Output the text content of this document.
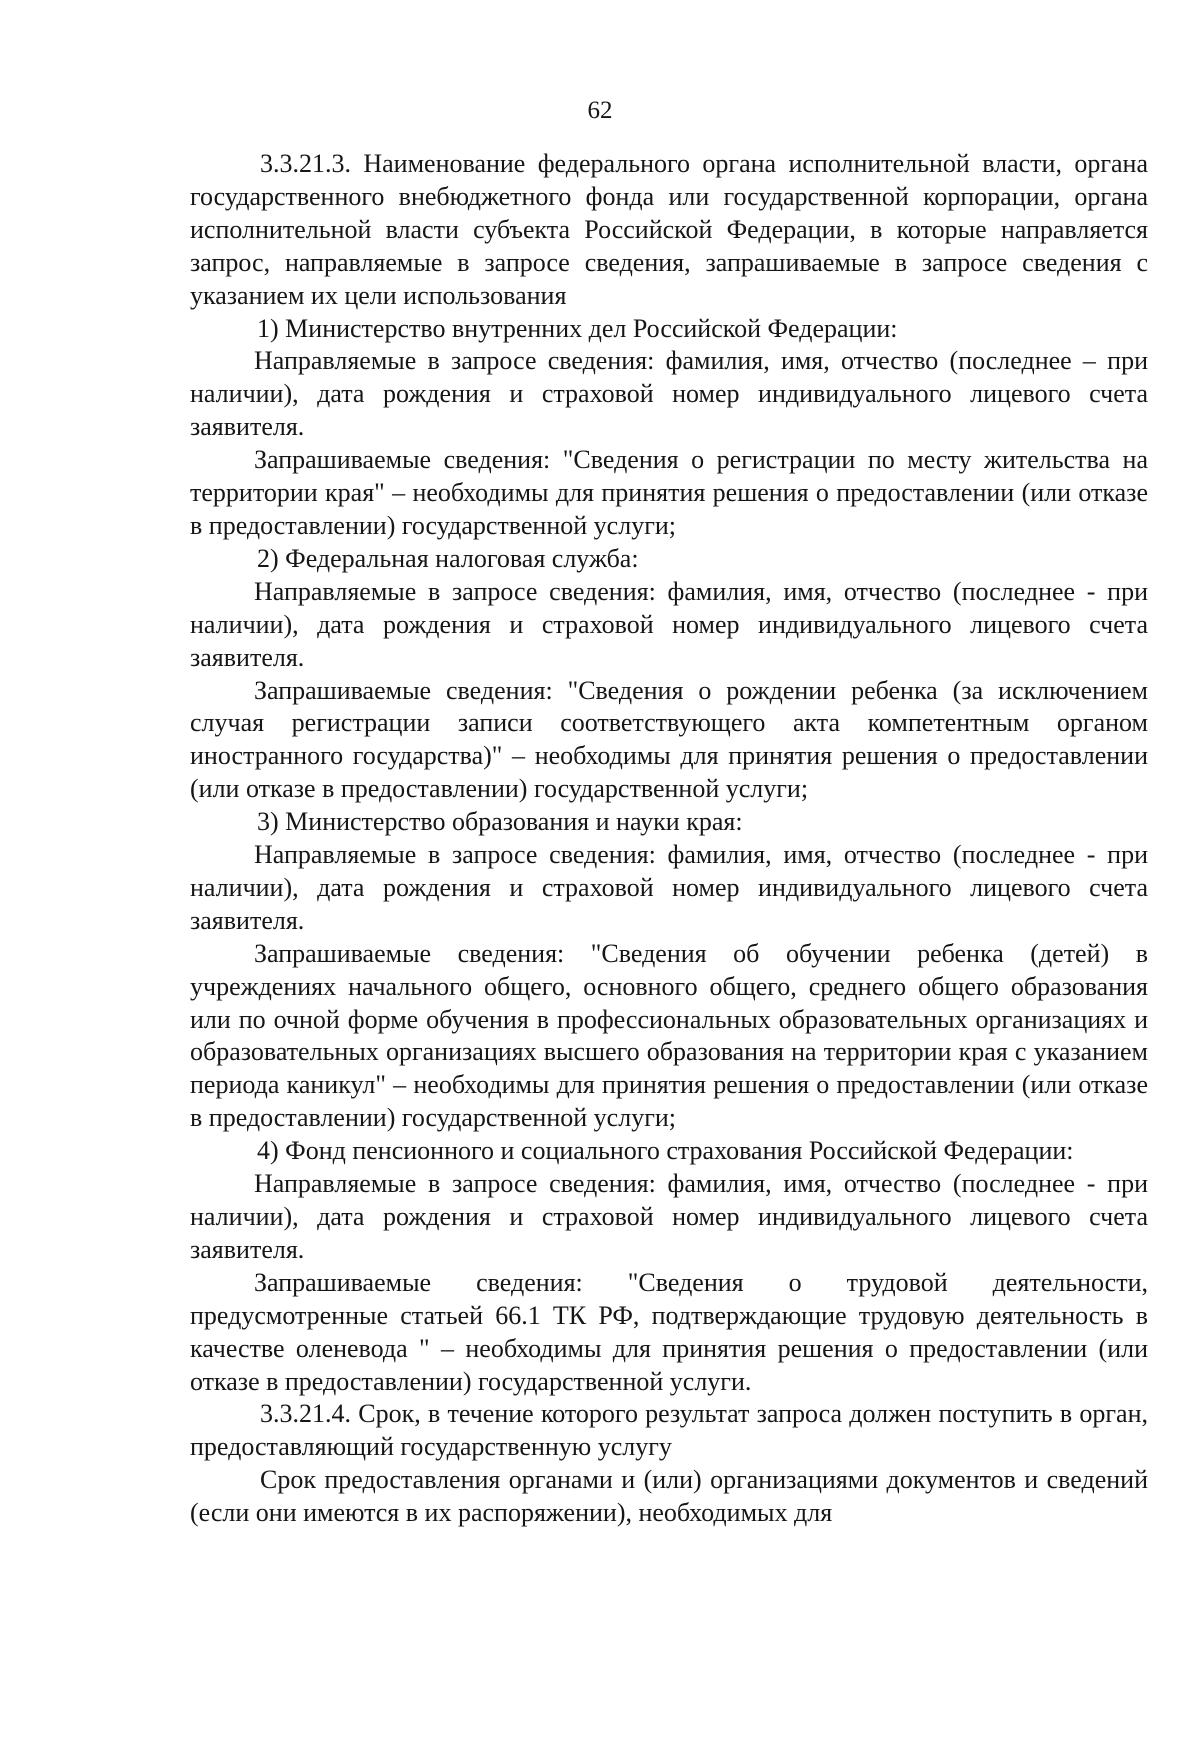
62

3.3.21.3. Наименование федерального органа исполнительной власти, органа государственного внебюджетного фонда или государственной корпорации, органа исполнительной власти субъекта Российской Федерации, в которые направляется запрос, направляемые в запросе сведения, запрашиваемые в запросе сведения с указанием их цели использования

1) Министерство внутренних дел Российской Федерации:

Направляемые в запросе сведения: фамилия, имя, отчество (последнее – при наличии), дата рождения и страховой номер индивидуального лицевого счета заявителя.

Запрашиваемые сведения: "Сведения о регистрации по месту жительства на территории края" – необходимы для принятия решения о предоставлении (или отказе в предоставлении) государственной услуги;

2) Федеральная налоговая служба:

Направляемые в запросе сведения: фамилия, имя, отчество (последнее - при наличии), дата рождения и страховой номер индивидуального лицевого счета заявителя.

Запрашиваемые сведения: "Сведения о рождении ребенка (за исключением случая регистрации записи соответствующего акта компетентным органом иностранного государства)" – необходимы для принятия решения о предоставлении (или отказе в предоставлении) государственной услуги;

3) Министерство образования и науки края:

Направляемые в запросе сведения: фамилия, имя, отчество (последнее - при наличии), дата рождения и страховой номер индивидуального лицевого счета заявителя.

Запрашиваемые сведения: "Сведения об обучении ребенка (детей) в учреждениях начального общего, основного общего, среднего общего образования или по очной форме обучения в профессиональных образовательных организациях и образовательных организациях высшего образования на территории края с указанием периода каникул" – необходимы для принятия решения о предоставлении (или отказе в предоставлении) государственной услуги;

4) Фонд пенсионного и социального страхования Российской Федерации:

Направляемые в запросе сведения: фамилия, имя, отчество (последнее - при наличии), дата рождения и страховой номер индивидуального лицевого счета заявителя.

Запрашиваемые сведения: "Сведения о трудовой деятельности, предусмотренные статьей 66.1 ТК РФ, подтверждающие трудовую деятельность в качестве оленевода " – необходимы для принятия решения о предоставлении (или отказе в предоставлении) государственной услуги.

3.3.21.4. Срок, в течение которого результат запроса должен поступить в орган, предоставляющий государственную услугу

Срок предоставления органами и (или) организациями документов и сведений (если они имеются в их распоряжении), необходимых для
